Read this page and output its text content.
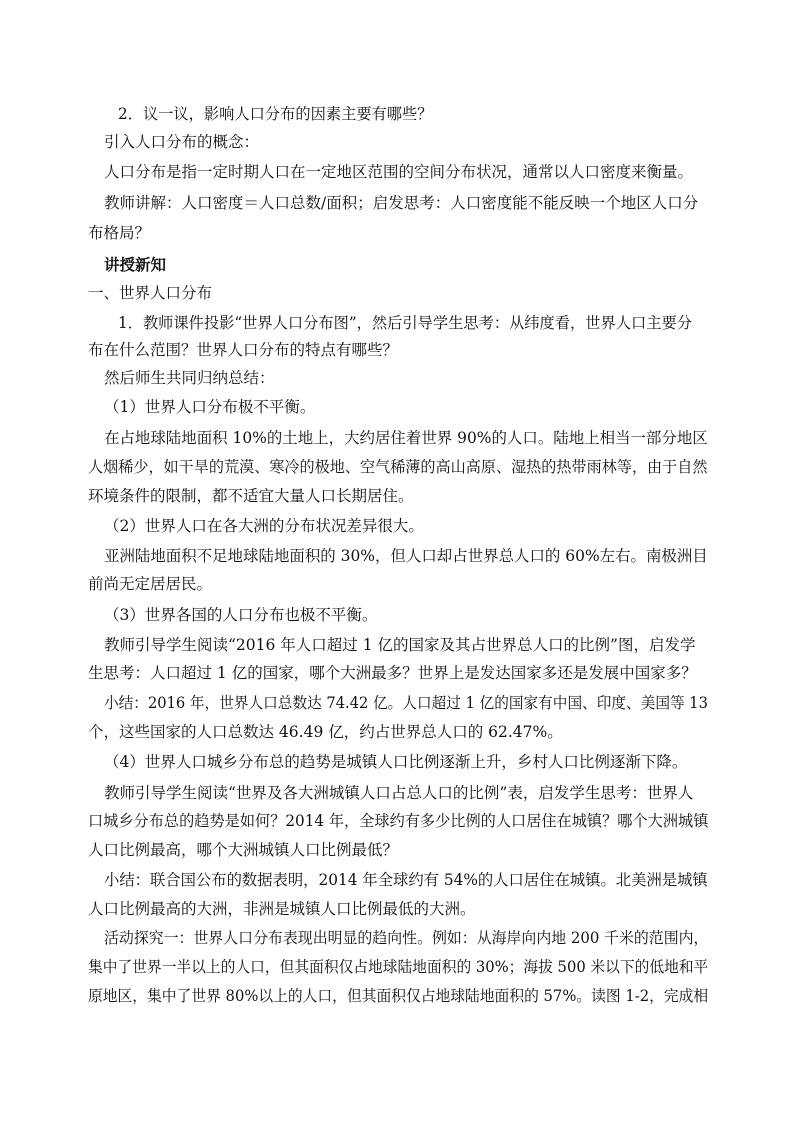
2．议一议，影响人口分布的因素主要有哪些？
引入人口分布的概念：
人口分布是指一定时期人口在一定地区范围的空间分布状况，通常以人口密度来衡量。
教师讲解：人口密度＝人口总数/面积；启发思考：人口密度能不能反映一个地区人口分
布格局？
讲授新知
一、世界人口分布
1．教师课件投影“世界人口分布图”，然后引导学生思考：从纬度看，世界人口主要分
布在什么范围？世界人口分布的特点有哪些？
然后师生共同归纳总结：
（1）世界人口分布极不平衡。
在占地球陆地面积 10%的土地上，大约居住着世界 90%的人口。陆地上相当一部分地区
人烟稀少，如干旱的荒漠、寒冷的极地、空气稀薄的高山高原、湿热的热带雨林等，由于自然
环境条件的限制，都不适宜大量人口长期居住。
（2）世界人口在各大洲的分布状况差异很大。
亚洲陆地面积不足地球陆地面积的 30%，但人口却占世界总人口的 60%左右。南极洲目
前尚无定居居民。
（3）世界各国的人口分布也极不平衡。
教师引导学生阅读“2016 年人口超过 1 亿的国家及其占世界总人口的比例”图，启发学
生思考：人口超过 1 亿的国家，哪个大洲最多？世界上是发达国家多还是发展中国家多？
小结：2016 年，世界人口总数达 74.42 亿。人口超过 1 亿的国家有中国、印度、美国等 13
个，这些国家的人口总数达 46.49 亿，约占世界总人口的 62.47%。
（4）世界人口城乡分布总的趋势是城镇人口比例逐渐上升，乡村人口比例逐渐下降。
教师引导学生阅读“世界及各大洲城镇人口占总人口的比例”表，启发学生思考：世界人
口城乡分布总的趋势是如何？2014 年，全球约有多少比例的人口居住在城镇？哪个大洲城镇
人口比例最高，哪个大洲城镇人口比例最低？
小结：联合国公布的数据表明，2014 年全球约有 54%的人口居住在城镇。北美洲是城镇
人口比例最高的大洲，非洲是城镇人口比例最低的大洲。
活动探究一：世界人口分布表现出明显的趋向性。例如：从海岸向内地 200 千米的范围内，
集中了世界一半以上的人口，但其面积仅占地球陆地面积的 30%；海拔 500 米以下的低地和平
原地区，集中了世界 80%以上的人口，但其面积仅占地球陆地面积的 57%。读图 1-2，完成相
